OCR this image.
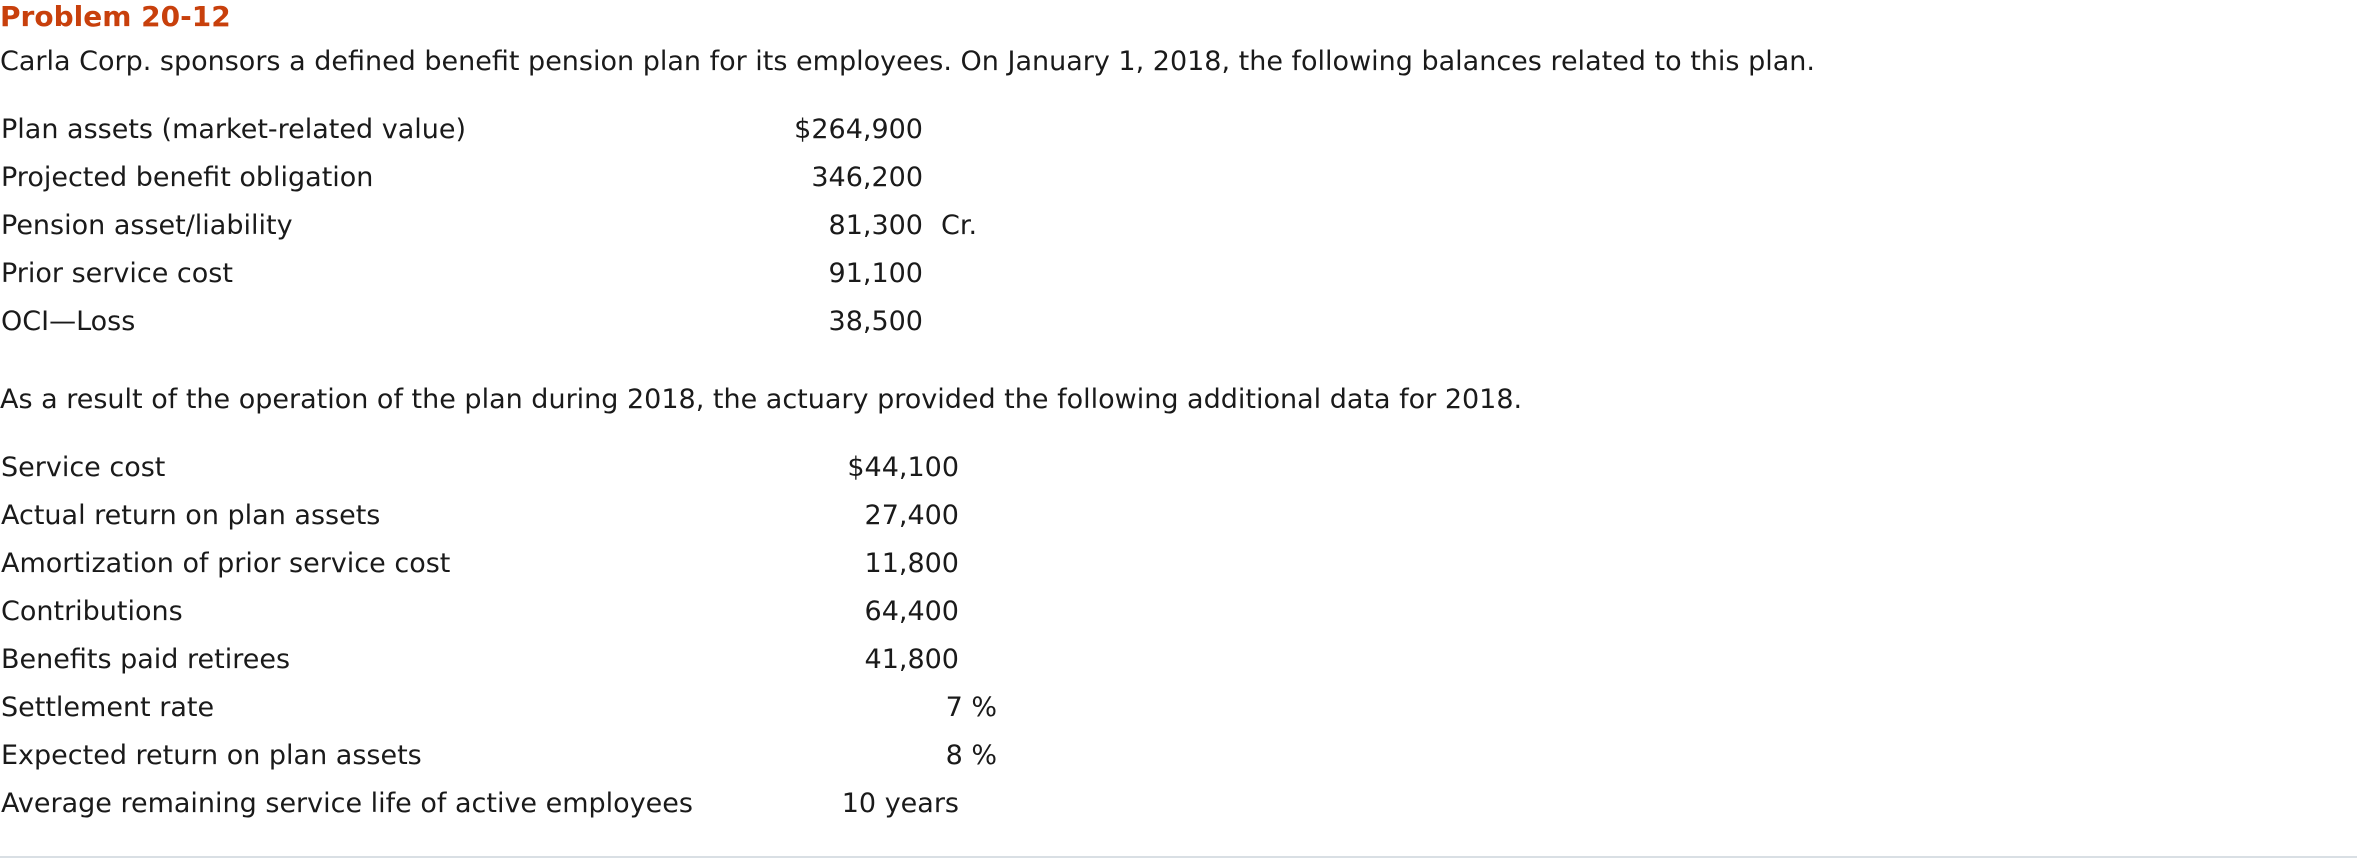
Problem 20-12
Carla Corp. sponsors a defined benefit pension plan for its employees. On January 1, 2018, the following balances related to this plan.
Plan assets (market-related value)	$264,900
Projected benefit obligation	346,200
Pension asset/liability	81,300 Cr.
Prior service cost	91,100
OCI—Loss	38,500
As a result of the operation of the plan during 2018, the actuary provided the following additional data for 2018.
Service cost	$44,100
Actual return on plan assets	27,400
Amortization of prior service cost	11,800
Contributions	64,400
Benefits paid retirees	41,800
Settlement rate	7 %
Expected return on plan assets	8 %
Average remaining service life of active employees	10 years
